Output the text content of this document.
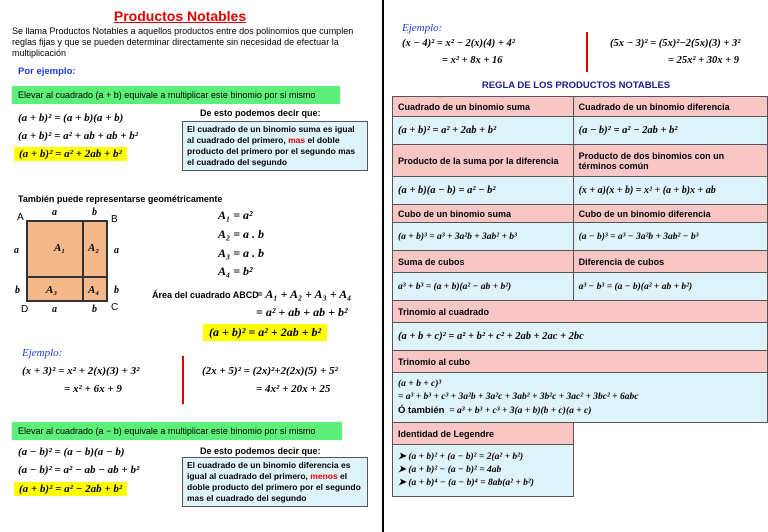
Productos Notables
Se llama Productos Notables a aquellos productos entre dos polinomios que cumplen reglas fijas y que se pueden determinar directamente sin necesidad de efectuar la multiplicación
Por ejemplo:
Elevar al cuadrado (a + b) equivale a multiplicar este binomio por si mismo
(a + b)² = (a + b)(a + b)
(a + b)² = a² + ab + ab + b²
(a + b)² = a² + 2ab + b²
De esto podemos decir que:
El cuadrado de un binomio suma es igual al cuadrado del primero, mas el doble producto del primero por el segundo mas el cuadrado del segundo
También puede representarse geométricamente
A₁ A₂
A₃	A₄
A	B
C
D
a	b
a
b
a
b
a	b
A₁ = a²
A₂ = a . b
A₃ = a . b
A₄ = b²
Área del cuadrado ABCD
= A₁ + A₂ + A₃ + A₄
= a² + ab + ab + b²
(a + b)² = a² + 2ab + b²
Ejemplo:
(x + 3)² = x² + 2(x)(3) + 3²
= x² + 6x + 9
(2x + 5)² = (2x)²+2(2x)(5) + 5²
= 4x² + 20x + 25
Elevar al cuadrado (a − b) equivale a multiplicar este binomio por si mismo
(a − b)² = (a − b)(a − b)
(a − b)² = a² − ab − ab + b²
(a + b)² = a² − 2ab + b²
De esto podemos decir que:
El cuadrado de un binomio diferencia es igual al cuadrado del primero, menos el doble producto del primero por el segundo mas el cuadrado del segundo
Ejemplo:
(x − 4)² = x² − 2(x)(4) + 4²
= x² + 8x + 16
(5x − 3)² = (5x)²−2(5x)(3) + 3²
= 25x² + 30x + 9
REGLA DE LOS PRODUCTOS NOTABLES
Cuadrado de un binomio suma	Cuadrado de un binomio diferencia
(a + b)² = a² + 2ab + b²	(a − b)² = a² − 2ab + b²
Producto de la suma por la diferencia	Producto de dos binomios con un términos común
(a + b)(a − b) = a² − b²	(x + a)(x + b) = x² + (a + b)x + ab
Cubo de un binomio suma	Cubo de un binomio diferencia
(a + b)³ = a³ + 3a²b + 3ab² + b³	(a − b)³ = a³ − 3a²b + 3ab² − b³
Suma de cubos	Diferencia de cubos
a³ + b³ = (a + b)(a² − ab + b²)	a³ − b³ = (a − b)(a² + ab + b²)
Trinomio al cuadrado	
(a + b + c)² = a² + b² + c² + 2ab + 2ac + 2bc	
Trinomio al cubo	

(a + b + c)³
= a³ + b³ + c³ + 3a²b + 3a²c + 3ab² + 3b²c + 3ac² + 3bc² + 6abc
Ó también = a³ + b³ + c³ + 3(a + b)(b + c)(a + c)	

Identidad de Legendre	

➤ (a + b)² + (a − b)² = 2(a² + b²)
➤ (a + b)² − (a − b)² = 4ab
➤ (a + b)⁴ − (a − b)⁴ = 8ab(a² + b²)	
